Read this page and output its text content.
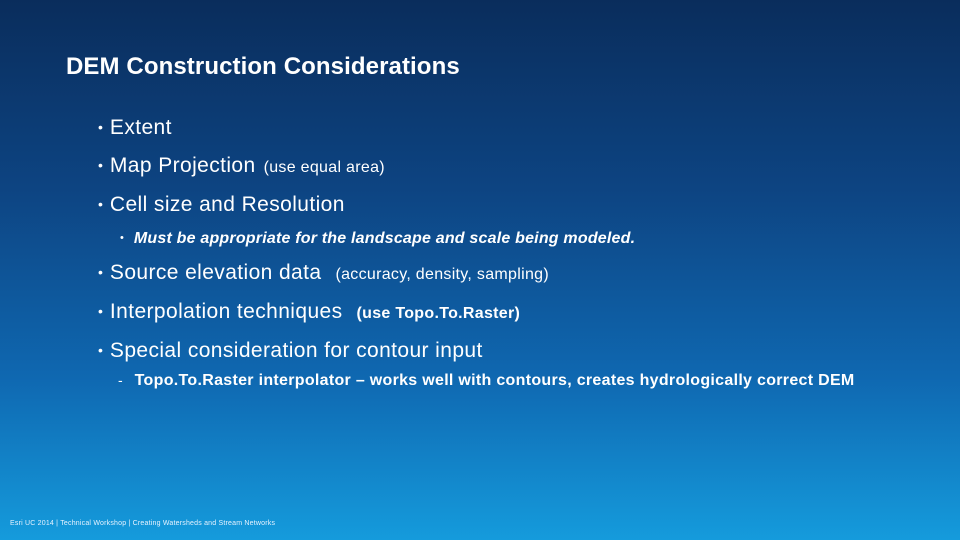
DEM Construction Considerations
• Extent
• Map Projection (use equal area)
• Cell size and Resolution
• Must be appropriate for the landscape and scale being modeled.
• Source elevation data (accuracy, density, sampling)
• Interpolation techniques (use Topo.To.Raster)
• Special consideration for contour input
- Topo.To.Raster interpolator – works well with contours, creates hydrologically correct DEM
Esri UC 2014 | Technical Workshop | Creating Watersheds and Stream Networks
